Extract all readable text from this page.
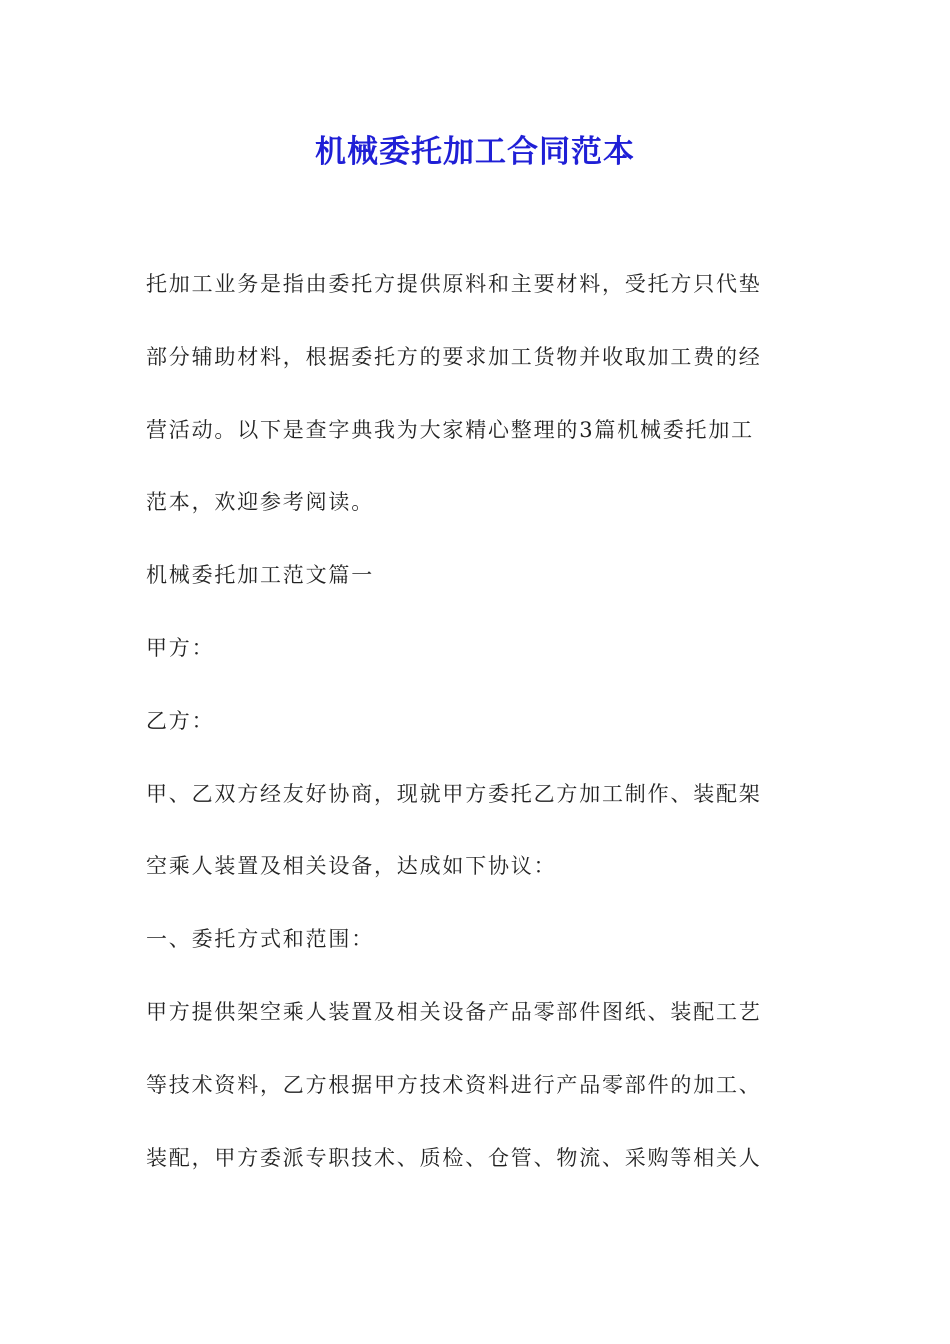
机械委托加工合同范本
托加工业务是指由委托方提供原料和主要材料，受托方只代垫
部分辅助材料，根据委托方的要求加工货物并收取加工费的经
营活动。以下是查字典我为大家精心整理的3篇机械委托加工
范本，欢迎参考阅读。
机械委托加工范文篇一
甲方：
乙方：
甲、乙双方经友好协商，现就甲方委托乙方加工制作、装配架
空乘人装置及相关设备，达成如下协议：
一、委托方式和范围：
甲方提供架空乘人装置及相关设备产品零部件图纸、装配工艺
等技术资料，乙方根据甲方技术资料进行产品零部件的加工、
装配，甲方委派专职技术、质检、仓管、物流、采购等相关人
